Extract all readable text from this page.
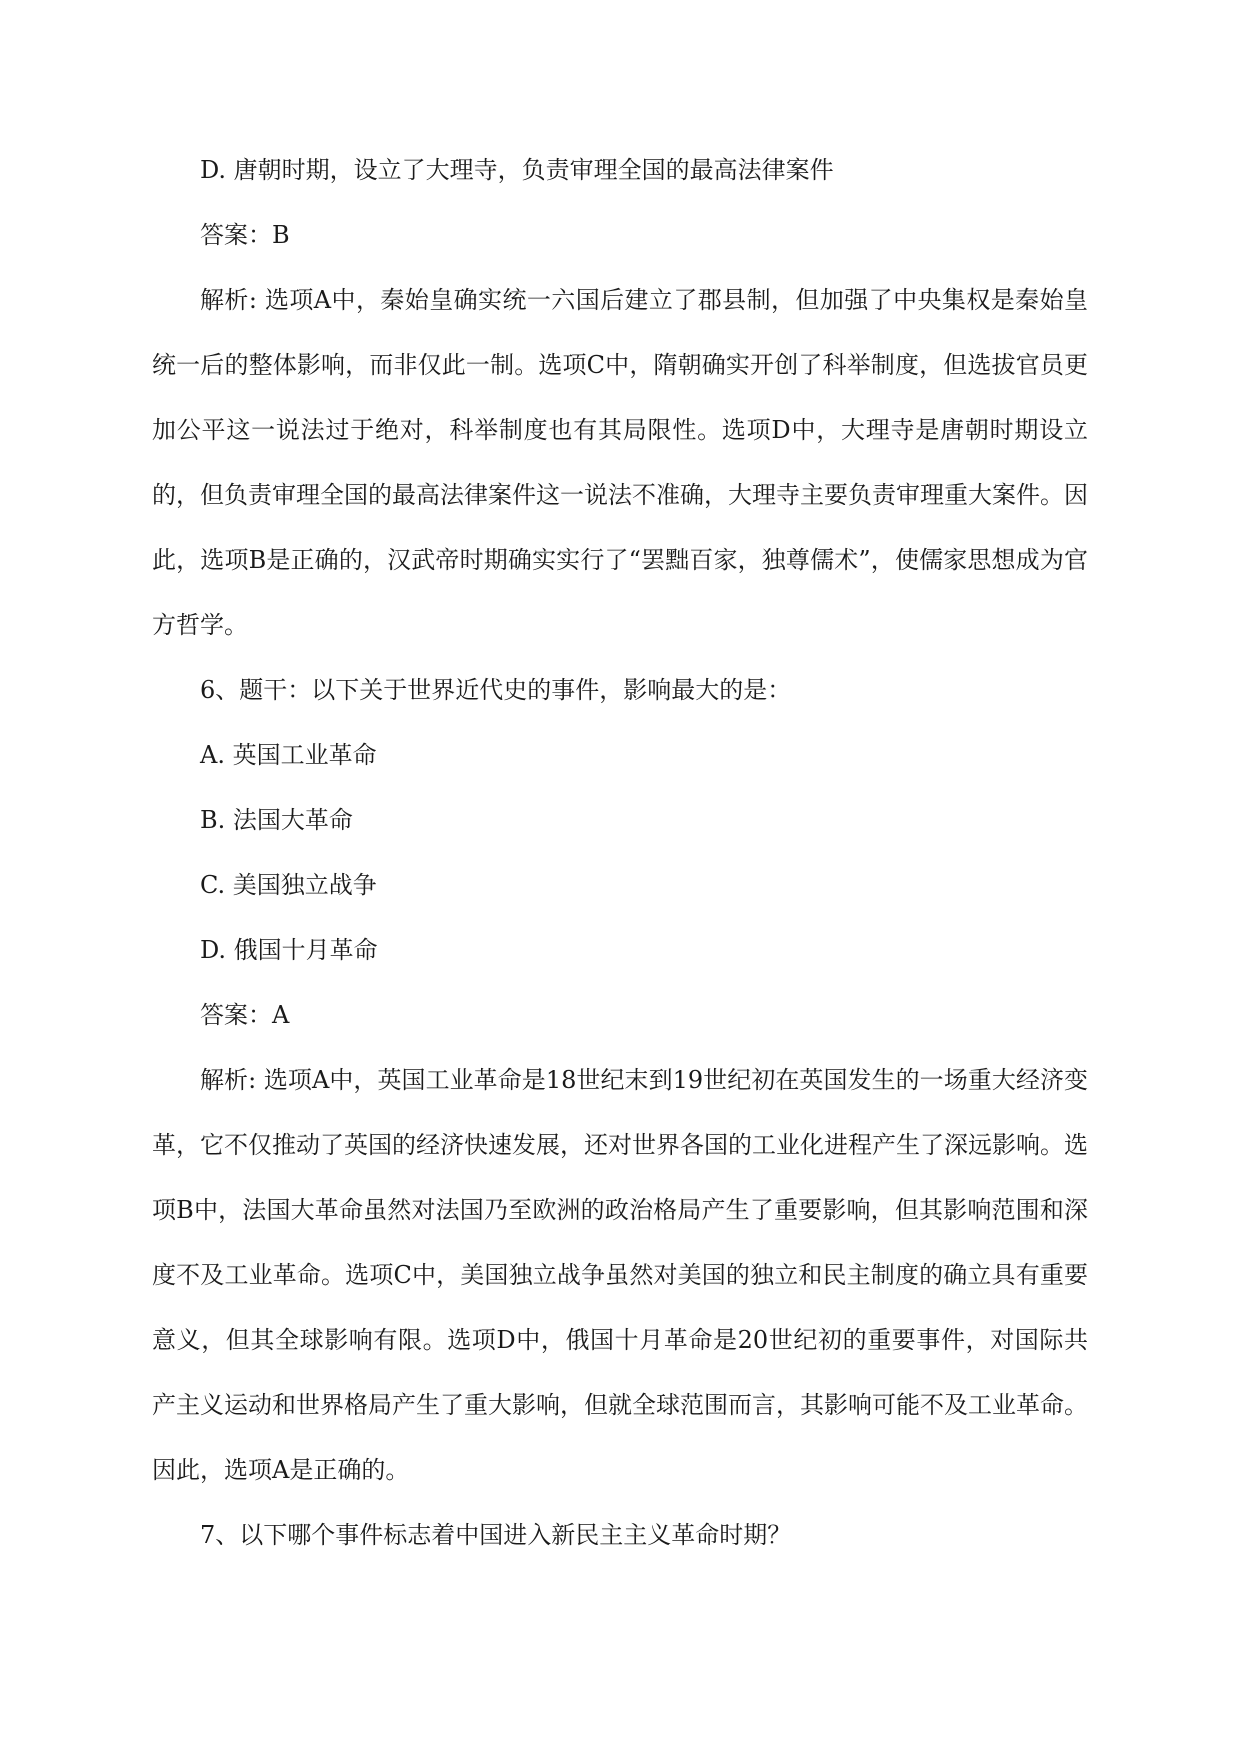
D. 唐朝时期，设立了大理寺，负责审理全国的最高法律案件

答案：B

解析: 选项A中，秦始皇确实统一六国后建立了郡县制，但加强了中央集权是秦始皇统一后的整体影响，而非仅此一制。选项C中，隋朝确实开创了科举制度，但选拔官员更加公平这一说法过于绝对，科举制度也有其局限性。选项D中，大理寺是唐朝时期设立的，但负责审理全国的最高法律案件这一说法不准确，大理寺主要负责审理重大案件。因此，选项B是正确的，汉武帝时期确实实行了“罢黜百家，独尊儒术”，使儒家思想成为官方哲学。

6、题干：以下关于世界近代史的事件，影响最大的是：

A. 英国工业革命

B. 法国大革命

C. 美国独立战争

D. 俄国十月革命

答案：A

解析: 选项A中，英国工业革命是18世纪末到19世纪初在英国发生的一场重大经济变革，它不仅推动了英国的经济快速发展，还对世界各国的工业化进程产生了深远影响。选项B中，法国大革命虽然对法国乃至欧洲的政治格局产生了重要影响，但其影响范围和深度不及工业革命。选项C中，美国独立战争虽然对美国的独立和民主制度的确立具有重要意义，但其全球影响有限。选项D中，俄国十月革命是20世纪初的重要事件，对国际共产主义运动和世界格局产生了重大影响，但就全球范围而言，其影响可能不及工业革命。因此，选项A是正确的。

7、以下哪个事件标志着中国进入新民主主义革命时期？
